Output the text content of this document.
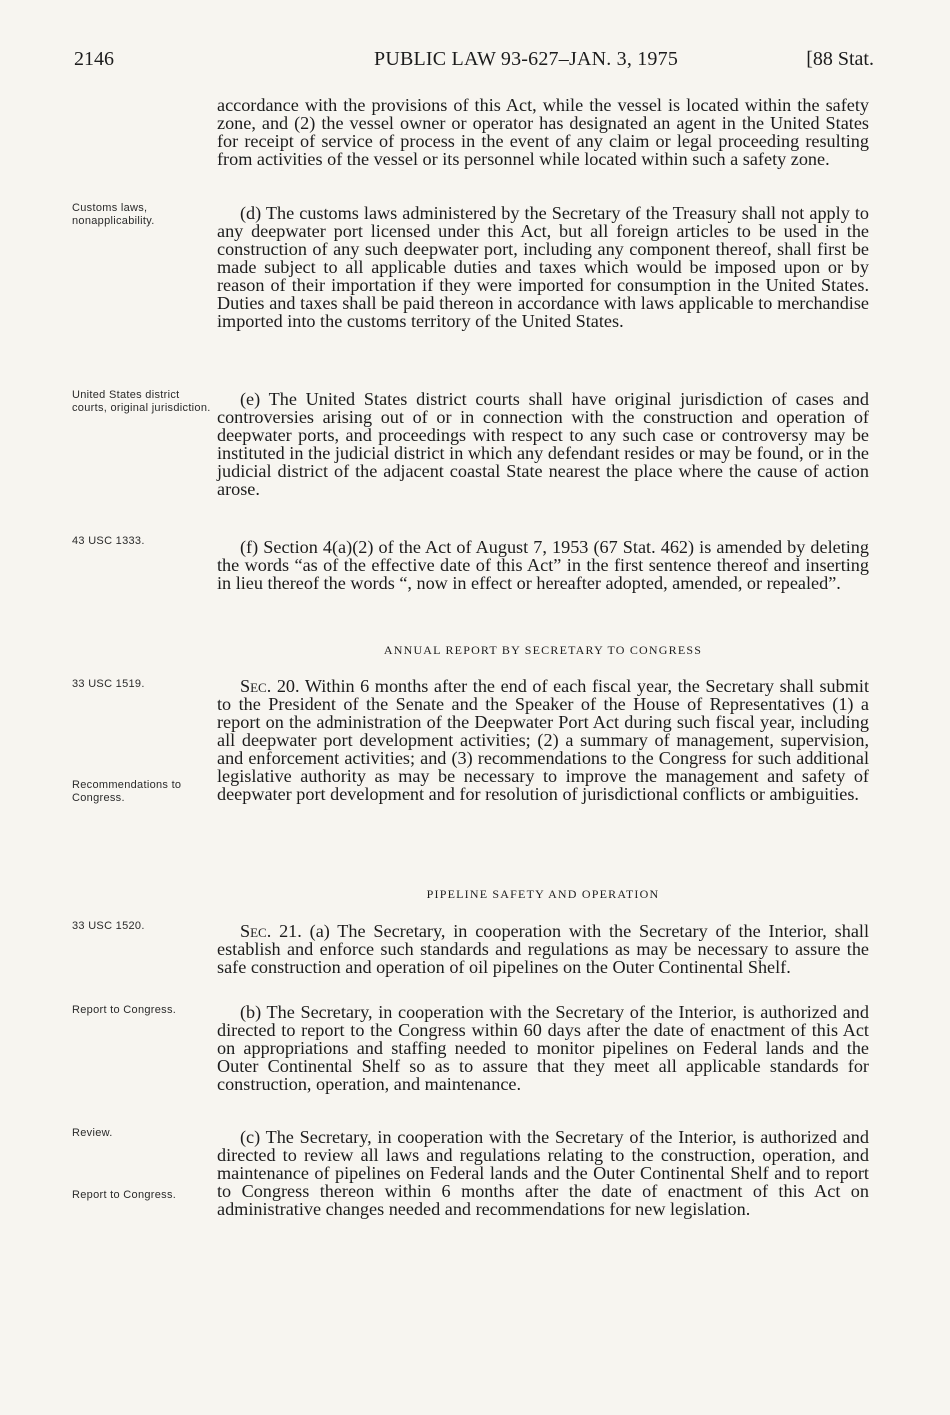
2146	PUBLIC LAW 93-627–JAN. 3, 1975	[88 Stat.
Customs laws, nonapplicability.
United States district courts, original jurisdiction.
43 USC 1333.
33 USC 1519.
Recommendations to Congress.
33 USC 1520.
Report to Congress.
Review.
Report to Congress.

accordance with the provisions of this Act, while the vessel is located within the safety zone, and (2) the vessel owner or operator has designated an agent in the United States for receipt of service of process in the event of any claim or legal proceeding resulting from activities of the vessel or its personnel while located within such a safety zone.

(d) The customs laws administered by the Secretary of the Treasury shall not apply to any deepwater port licensed under this Act, but all foreign articles to be used in the construction of any such deepwater port, including any component thereof, shall first be made subject to all applicable duties and taxes which would be imposed upon or by reason of their importation if they were imported for consumption in the United States. Duties and taxes shall be paid thereon in accordance with laws applicable to merchandise imported into the customs territory of the United States.

(e) The United States district courts shall have original jurisdiction of cases and controversies arising out of or in connection with the construction and operation of deepwater ports, and proceedings with respect to any such case or controversy may be instituted in the judicial district in which any defendant resides or may be found, or in the judicial district of the adjacent coastal State nearest the place where the cause of action arose.

(f) Section 4(a)(2) of the Act of August 7, 1953 (67 Stat. 462) is amended by deleting the words “as of the effective date of this Act” in the first sentence thereof and inserting in lieu thereof the words “, now in effect or hereafter adopted, amended, or repealed”.

ANNUAL REPORT BY SECRETARY TO CONGRESS

Sec. 20. Within 6 months after the end of each fiscal year, the Secretary shall submit to the President of the Senate and the Speaker of the House of Representatives (1) a report on the administration of the Deepwater Port Act during such fiscal year, including all deepwater port development activities; (2) a summary of management, supervision, and enforcement activities; and (3) recommendations to the Congress for such additional legislative authority as may be necessary to improve the management and safety of deepwater port development and for resolution of jurisdictional conflicts or ambiguities.

PIPELINE SAFETY AND OPERATION

Sec. 21. (a) The Secretary, in cooperation with the Secretary of the Interior, shall establish and enforce such standards and regulations as may be necessary to assure the safe construction and operation of oil pipelines on the Outer Continental Shelf.

(b) The Secretary, in cooperation with the Secretary of the Interior, is authorized and directed to report to the Congress within 60 days after the date of enactment of this Act on appropriations and staffing needed to monitor pipelines on Federal lands and the Outer Continental Shelf so as to assure that they meet all applicable standards for construction, operation, and maintenance.

(c) The Secretary, in cooperation with the Secretary of the Interior, is authorized and directed to review all laws and regulations relating to the construction, operation, and maintenance of pipelines on Federal lands and the Outer Continental Shelf and to report to Congress thereon within 6 months after the date of enactment of this Act on administrative changes needed and recommendations for new legislation.
